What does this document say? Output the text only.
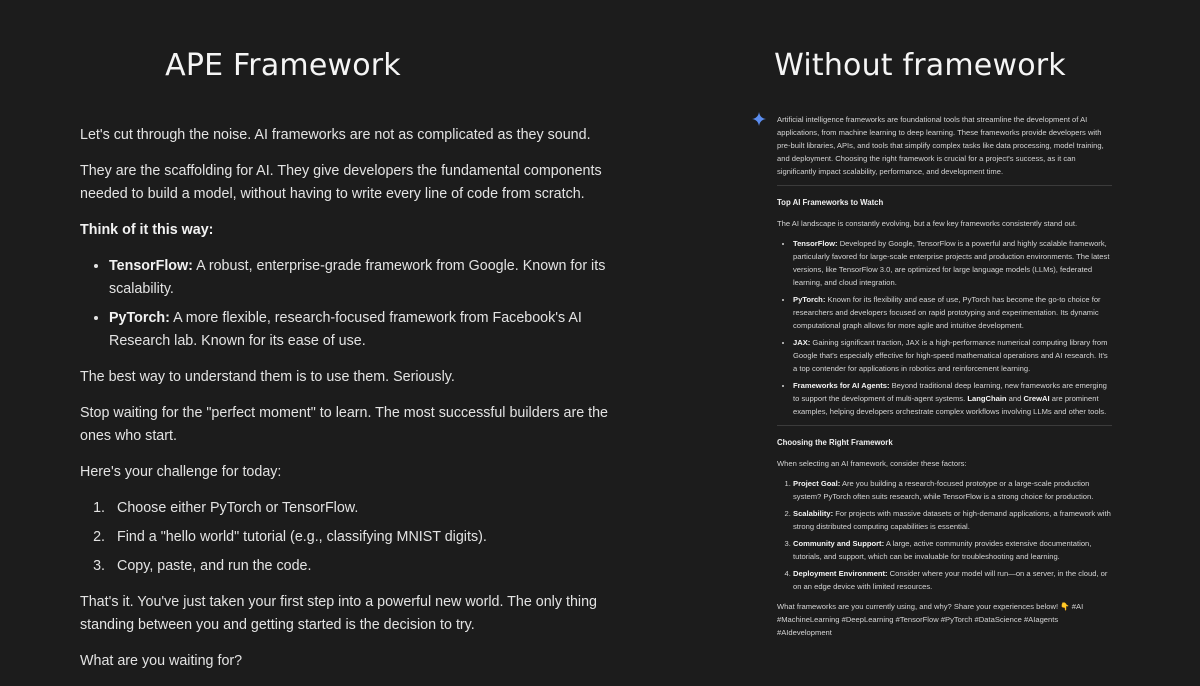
APE Framework

Let's cut through the noise. AI frameworks are not as complicated as they sound.

They are the scaffolding for AI. They give developers the fundamental components needed to build a model, without having to write every line of code from scratch.

Think of it this way:

• TensorFlow: A robust, enterprise-grade framework from Google. Known for its scalability.
• PyTorch: A more flexible, research-focused framework from Facebook's AI Research lab. Known for its ease of use.

The best way to understand them is to use them. Seriously.

Stop waiting for the "perfect moment" to learn. The most successful builders are the ones who start.

Here's your challenge for today:

1. Choose either PyTorch or TensorFlow.
2. Find a "hello world" tutorial (e.g., classifying MNIST digits).
3. Copy, paste, and run the code.

That's it. You've just taken your first step into a powerful new world. The only thing standing between you and getting started is the decision to try.

What are you waiting for?

Without framework

Artificial intelligence frameworks are foundational tools that streamline the development of AI applications, from machine learning to deep learning. These frameworks provide developers with pre-built libraries, APIs, and tools that simplify complex tasks like data processing, model training, and deployment. Choosing the right framework is crucial for a project's success, as it can significantly impact scalability, performance, and development time.

Top AI Frameworks to Watch

The AI landscape is constantly evolving, but a few key frameworks consistently stand out.

• TensorFlow: Developed by Google, TensorFlow is a powerful and highly scalable framework, particularly favored for large-scale enterprise projects and production environments. The latest versions, like TensorFlow 3.0, are optimized for large language models (LLMs), federated learning, and cloud integration.
• PyTorch: Known for its flexibility and ease of use, PyTorch has become the go-to choice for researchers and developers focused on rapid prototyping and experimentation. Its dynamic computational graph allows for more agile and intuitive development.
• JAX: Gaining significant traction, JAX is a high-performance numerical computing library from Google that's especially effective for high-speed mathematical operations and AI research. It's a top contender for applications in robotics and reinforcement learning.
• Frameworks for AI Agents: Beyond traditional deep learning, new frameworks are emerging to support the development of multi-agent systems. LangChain and CrewAI are prominent examples, helping developers orchestrate complex workflows involving LLMs and other tools.
Choosing the Right Framework

When selecting an AI framework, consider these factors:

1. Project Goal: Are you building a research-focused prototype or a large-scale production system? PyTorch often suits research, while TensorFlow is a strong choice for production.
2. Scalability: For projects with massive datasets or high-demand applications, a framework with strong distributed computing capabilities is essential.
3. Community and Support: A large, active community provides extensive documentation, tutorials, and support, which can be invaluable for troubleshooting and learning.
4. Deployment Environment: Consider where your model will run—on a server, in the cloud, or on an edge device with limited resources.

What frameworks are you currently using, and why? Share your experiences below! 👇 #AI #MachineLearning #DeepLearning #TensorFlow #PyTorch #DataScience #AIagents #AIdevelopment
